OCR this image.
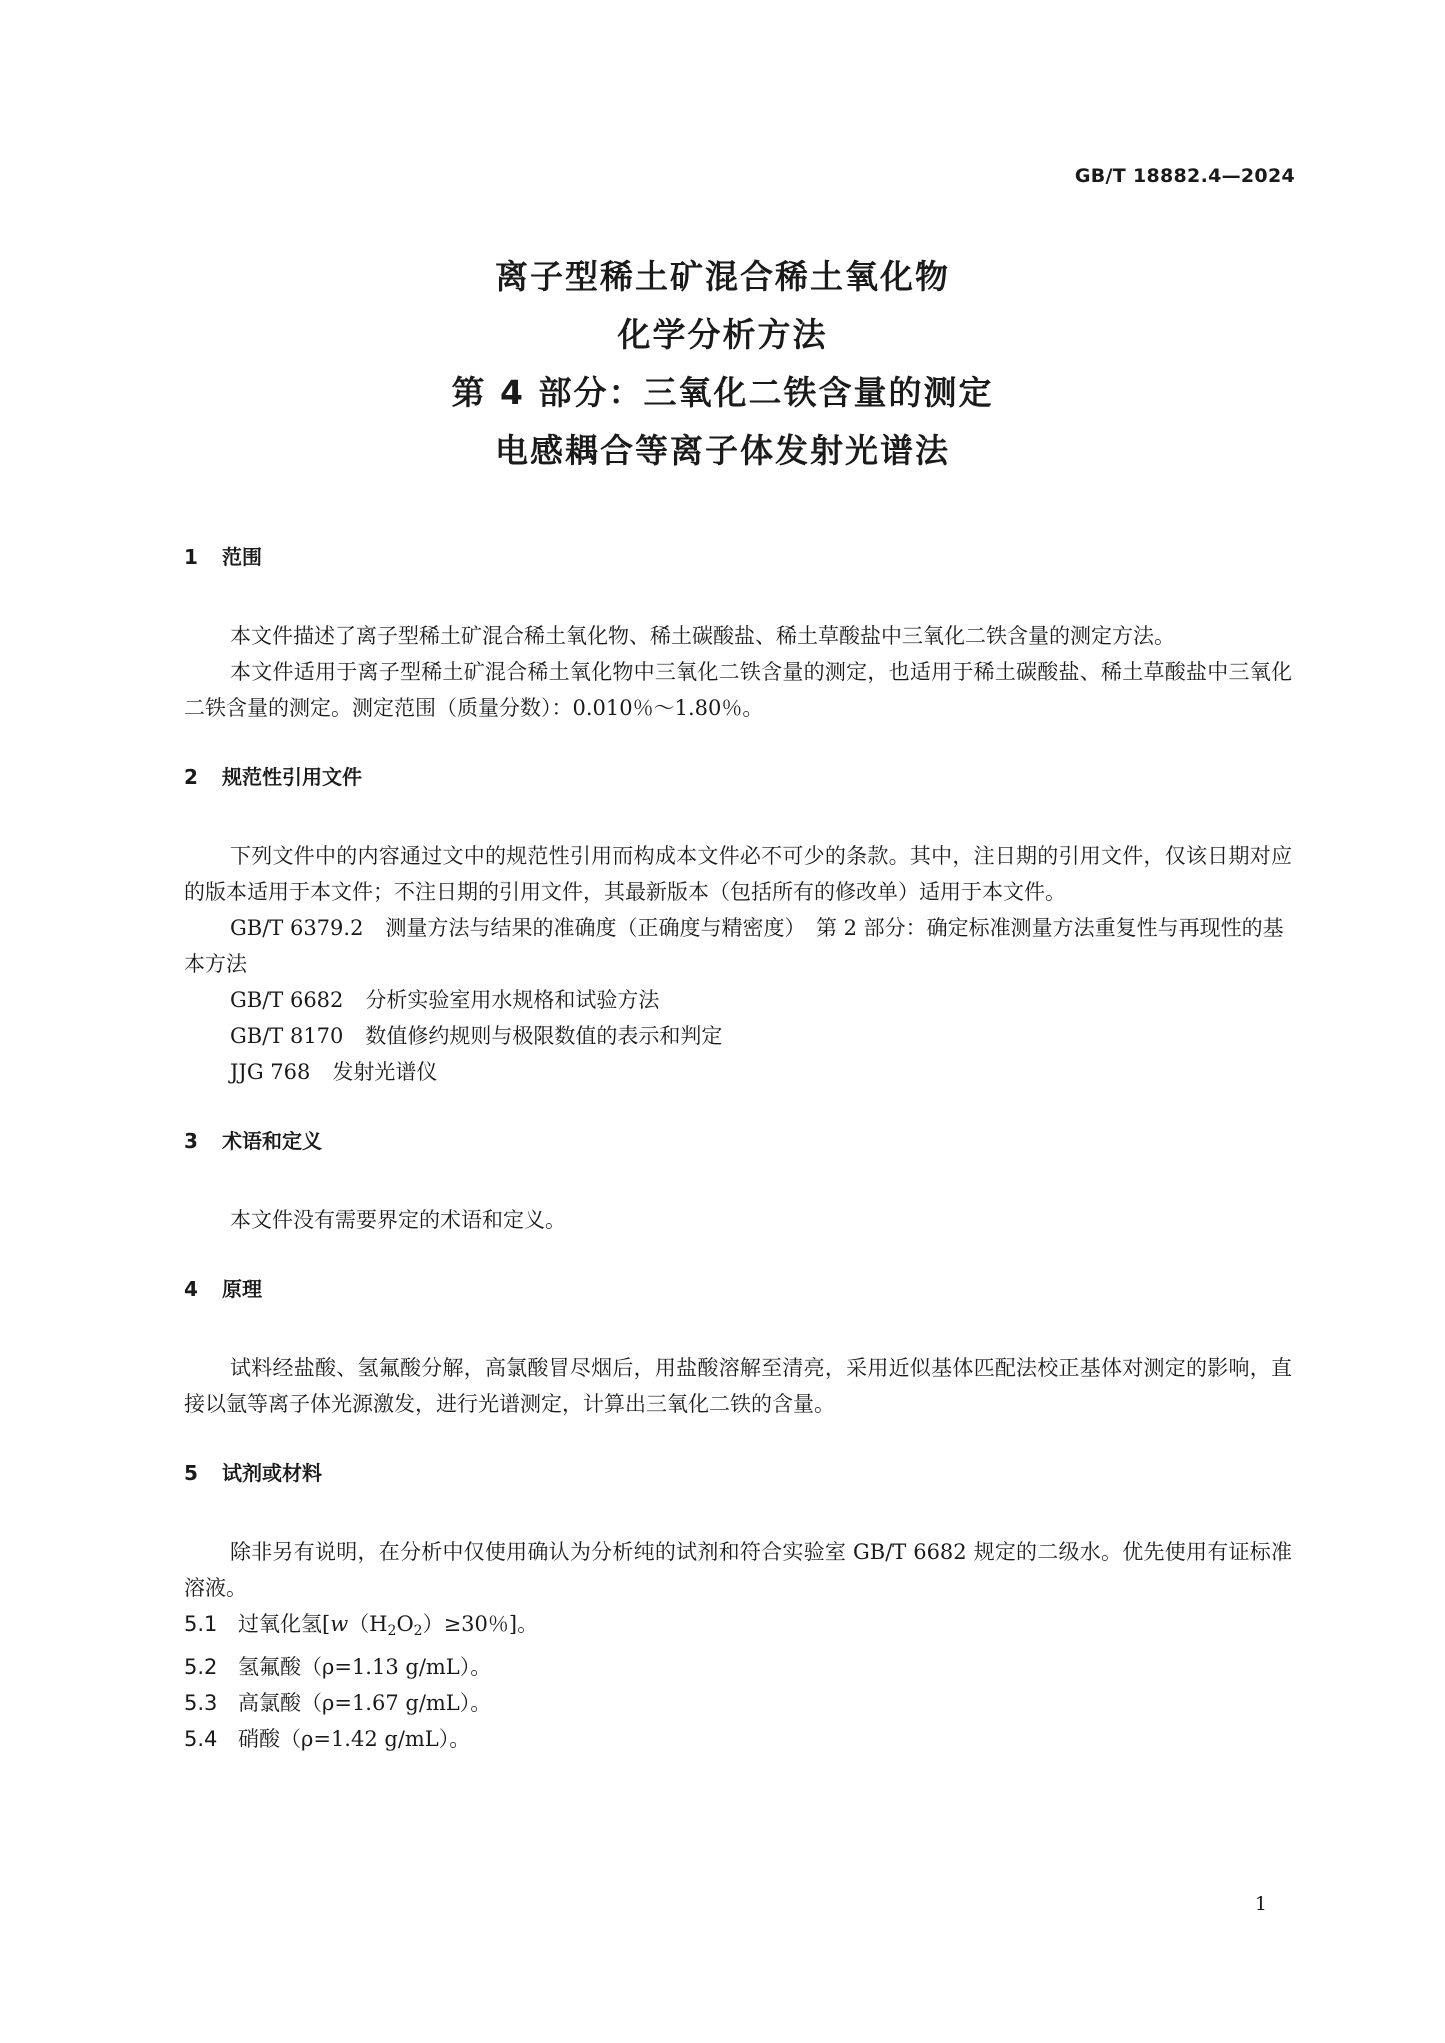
GB/T 18882.4—2024
离子型稀土矿混合稀土氧化物
化学分析方法
第 4 部分：三氧化二铁含量的测定
电感耦合等离子体发射光谱法
1 范围

本文件描述了离子型稀土矿混合稀土氧化物、稀土碳酸盐、稀土草酸盐中三氧化二铁含量的测定方法。

本文件适用于离子型稀土矿混合稀土氧化物中三氧化二铁含量的测定，也适用于稀土碳酸盐、稀土草酸盐中三氧化二铁含量的测定。测定范围（质量分数）：0.010％～1.80％。

2 规范性引用文件

下列文件中的内容通过文中的规范性引用而构成本文件必不可少的条款。其中，注日期的引用文件，仅该日期对应的版本适用于本文件；不注日期的引用文件，其最新版本（包括所有的修改单）适用于本文件。

GB/T 6379.2 测量方法与结果的准确度（正确度与精密度）　第 2 部分：确定标准测量方法重复性与再现性的基本方法

GB/T 6682 分析实验室用水规格和试验方法

GB/T 8170 数值修约规则与极限数值的表示和判定

JJG 768 发射光谱仪

3 术语和定义

本文件没有需要界定的术语和定义。

4 原理

试料经盐酸、氢氟酸分解，高氯酸冒尽烟后，用盐酸溶解至清亮，采用近似基体匹配法校正基体对测定的影响，直接以氩等离子体光源激发，进行光谱测定，计算出三氧化二铁的含量。

5 试剂或材料

除非另有说明，在分析中仅使用确认为分析纯的试剂和符合实验室 GB/T 6682 规定的二级水。优先使用有证标准溶液。

5.1 过氧化氢[$w(H_2O_2)\ge 30$％]。

5.2 氢氟酸（ρ=1.13 g/mL）。

5.3 高氯酸（ρ=1.67 g/mL）。

5.4 硝酸（ρ=1.42 g/mL）。

1
